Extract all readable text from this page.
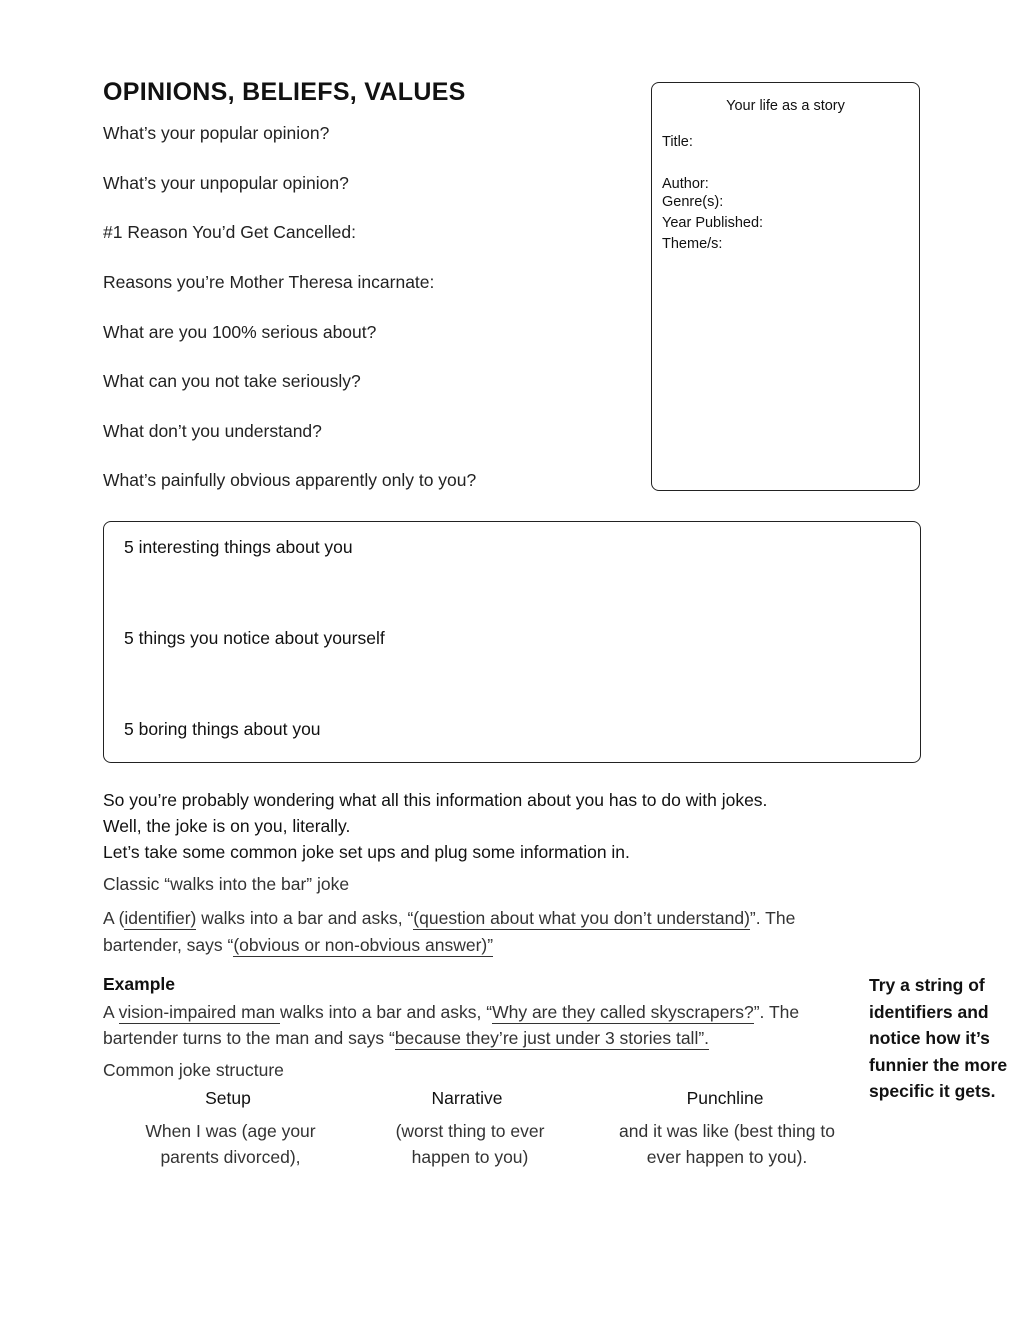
OPINIONS, BELIEFS, VALUES
What’s your popular opinion?
What’s your unpopular opinion?
#1 Reason You’d Get Cancelled:
Reasons you’re Mother Theresa incarnate:
What are you 100% serious about?
What can you not take seriously?
What don’t you understand?
What’s painfully obvious apparently only to you?
Your life as a story
Title:
Author:
Genre(s):
Year Published:
Theme/s:
5 interesting things about you
5 things you notice about yourself
5 boring things about you
So you’re probably wondering what all this information about you has to do with jokes.
Well, the joke is on you, literally.
Let’s take some common joke set ups and plug some information in.
Classic “walks into the bar” joke
A (identifier) walks into a bar and asks, “(question about what you don’t understand)”. The
bartender, says “(obvious or non-obvious answer)”
Example
A vision-impaired man walks into a bar and asks, “Why are they called skyscrapers?”. The
bartender turns to the man and says “because they’re just under 3 stories tall”.
Common joke structure
Setup
When I was (age your parents divorced),
Narrative
(worst thing to ever happen to you)
Punchline
and it was like (best thing to ever happen to you).
Try a string of identifiers and notice how it’s funnier the more specific it gets.
